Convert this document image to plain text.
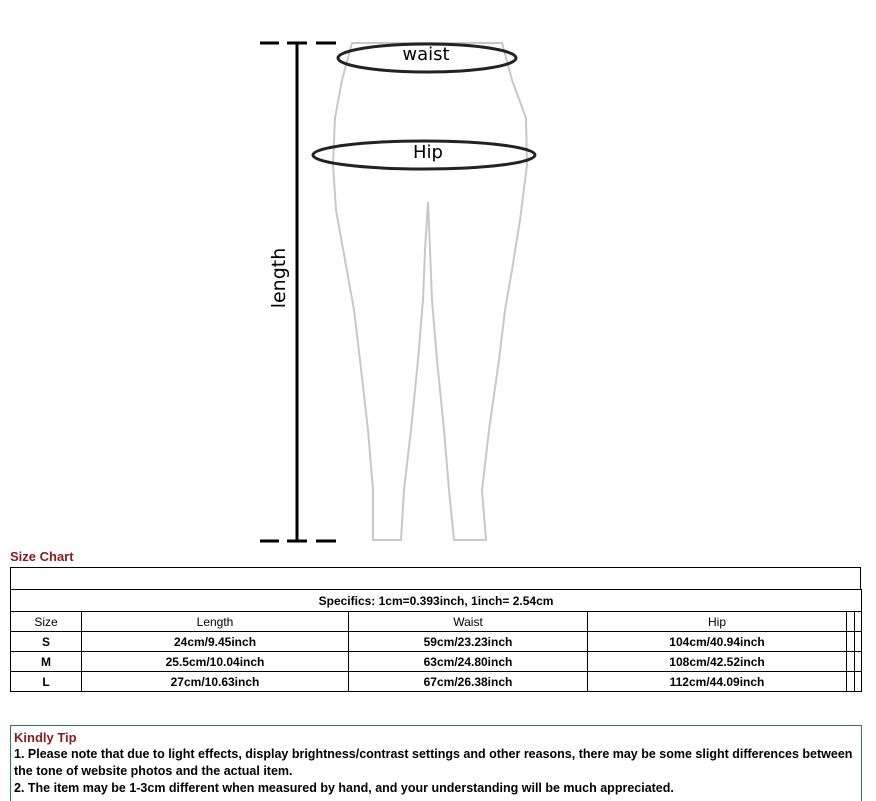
length
waist
Hip
Size Chart
Specifics: 1cm=0.393inch, 1inch= 2.54cm					
Size	Length	Waist	Hip		
S	24cm/9.45inch	59cm/23.23inch	104cm/40.94inch		
M	25.5cm/10.04inch	63cm/24.80inch	108cm/42.52inch		
L	27cm/10.63inch	67cm/26.38inch	112cm/44.09inch		
Kindly Tip
1. Please note that due to light effects, display brightness/contrast settings and other reasons, there may be some slight differences between the tone of website photos and the actual item.
2. The item may be 1-3cm different when measured by hand, and your understanding will be much appreciated.
